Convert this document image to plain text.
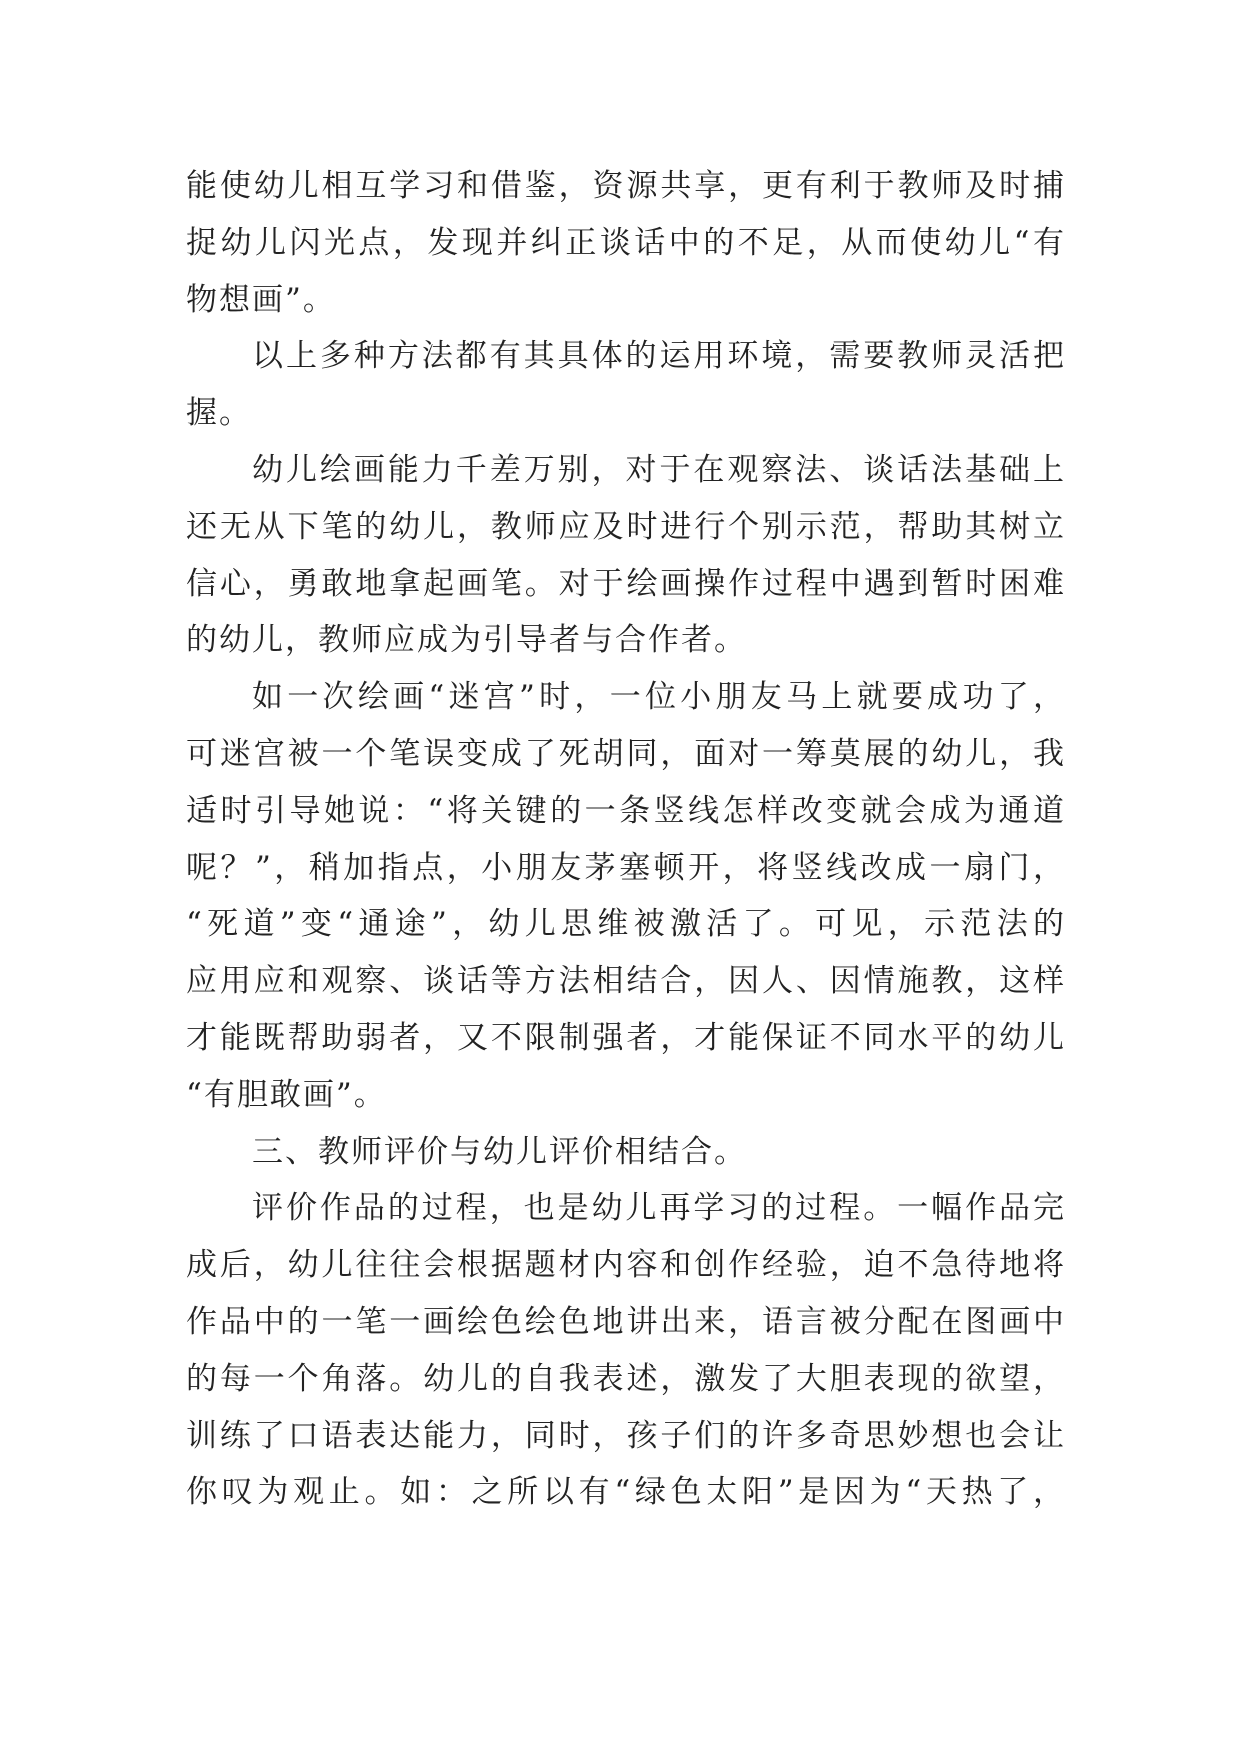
能使幼儿相互学习和借鉴，资源共享，更有利于教师及时捕
捉幼儿闪光点，发现并纠正谈话中的不足，从而使幼儿“有
物想画”。
以上多种方法都有其具体的运用环境，需要教师灵活把
握。
幼儿绘画能力千差万别，对于在观察法、谈话法基础上
还无从下笔的幼儿，教师应及时进行个别示范，帮助其树立
信心，勇敢地拿起画笔。对于绘画操作过程中遇到暂时困难
的幼儿，教师应成为引导者与合作者。
如一次绘画“迷宫”时，一位小朋友马上就要成功了，
可迷宫被一个笔误变成了死胡同，面对一筹莫展的幼儿，我
适时引导她说：“将关键的一条竖线怎样改变就会成为通道
呢？”，稍加指点，小朋友茅塞顿开，将竖线改成一扇门，
“死道”变“通途”，幼儿思维被激活了。可见，示范法的
应用应和观察、谈话等方法相结合，因人、因情施教，这样
才能既帮助弱者，又不限制强者，才能保证不同水平的幼儿
“有胆敢画”。
三、教师评价与幼儿评价相结合。
评价作品的过程，也是幼儿再学习的过程。一幅作品完
成后，幼儿往往会根据题材内容和创作经验，迫不急待地将
作品中的一笔一画绘色绘色地讲出来，语言被分配在图画中
的每一个角落。幼儿的自我表述，激发了大胆表现的欲望，
训练了口语表达能力，同时，孩子们的许多奇思妙想也会让
你叹为观止。如：之所以有“绿色太阳”是因为“天热了，
